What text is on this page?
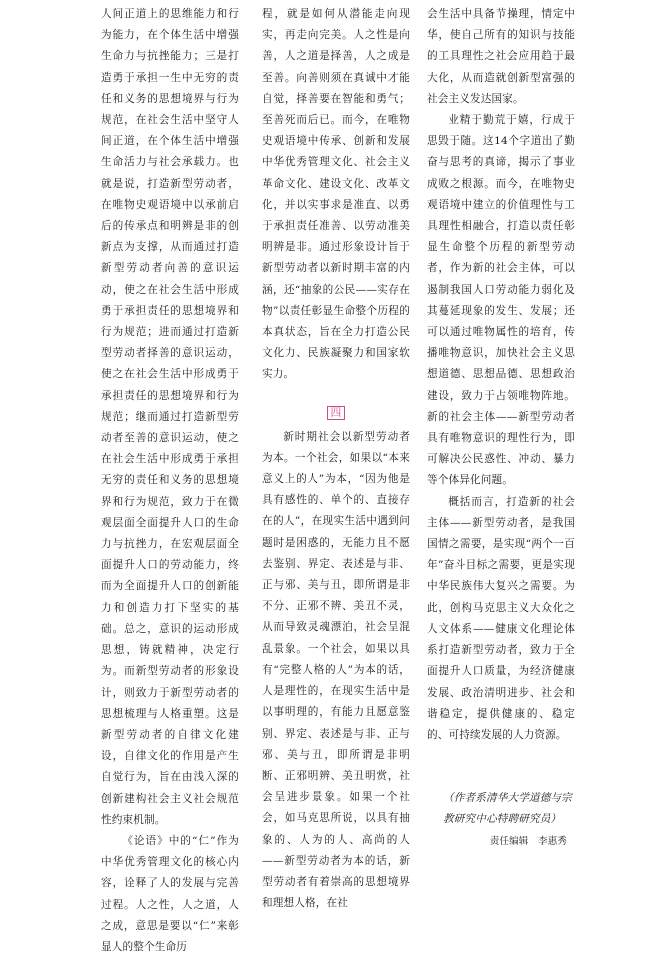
人间正道上的思维能力和行为能力，在个体生活中增强生命力与抗挫能力；三是打造勇于承担一生中无穷的责任和义务的思想境界与行为规范，在社会生活中坚守人间正道，在个体生活中增强生命活力与社会承载力。也就是说，打造新型劳动者，在唯物史观语境中以承前启后的传承点和明辨是非的创新点为支撑，从而通过打造新型劳动者向善的意识运动，使之在社会生活中形成勇于承担责任的思想境界和行为规范；进而通过打造新型劳动者择善的意识运动，使之在社会生活中形成勇于承担责任的思想境界和行为规范；继而通过打造新型劳动者至善的意识运动，使之在社会生活中形成勇于承担无穷的责任和义务的思想境界和行为规范，致力于在微观层面全面提升人口的生命力与抗挫力，在宏观层面全面提升人口的劳动能力，终而为全面提升人口的创新能力和创造力打下坚实的基础。总之，意识的运动形成思想，铸就精神，决定行为。而新型劳动者的形象设计，则致力于新型劳动者的思想梳理与人格重塑。这是新型劳动者的自律文化建设，自律文化的作用是产生自觉行为，旨在由浅入深的创新建构社会主义社会规范性约束机制。

《论语》中的“仁”作为中华优秀管理文化的核心内容，诠释了人的发展与完善过程。人之性，人之道，人之成，意思是要以“仁”来彰显人的整个生命历

程，就是如何从潜能走向现实，再走向完美。人之性是向善，人之道是择善，人之成是至善。向善则须在真诚中才能自觉，择善要在智能和勇气；至善死而后已。而今，在唯物史观语境中传承、创新和发展中华优秀管理文化、社会主义革命文化、建设文化、改革文化，并以实事求是准直、以勇于承担责任准善、以劳动准美明辨是非。通过形象设计旨于新型劳动者以新时期丰富的内涵，还“抽象的公民——实存在物”以责任彰显生命整个历程的本真状态，旨在全力打造公民文化力、民族凝聚力和国家软实力。

四

新时期社会以新型劳动者为本。一个社会，如果以“本来意义上的人”为本，“因为他是具有感性的、单个的、直接存在的人”，在现实生活中遇到问题时是困惑的，无能力且不愿去鉴别、界定、表述是与非、正与邪、美与丑，即所谓是非不分、正邪不辨、美丑不灵，从而导致灵魂漂泊，社会呈混乱景象。一个社会，如果以具有“完整人格的人”为本的话，人是理性的，在现实生活中是以事明理的，有能力且愿意鉴别、界定、表述是与非、正与邪、美与丑，即所谓是非明断、正邪明辨、美丑明赏，社会呈进步景象。如果一个社会，如马克思所说，以具有抽象的、人为的人、高尚的人——新型劳动者为本的话，新型劳动者有着崇高的思想境界和理想人格，在社

会生活中具备节操理，情定中华，使自己所有的知识与技能的工具理性之社会应用趋于最大化，从而造就创新型富强的社会主义发达国家。

业精于勤荒于嬉，行成于思毁于随。这14个字道出了勤奋与思考的真谛，揭示了事业成败之根源。而今，在唯物史观语境中建立的价值理性与工具理性相融合，打造以责任彰显生命整个历程的新型劳动者，作为新的社会主体，可以遏制我国人口劳动能力弱化及其蔓延现象的发生、发展；还可以通过唯物属性的培育，传播唯物意识，加快社会主义思想道德、思想品德、思想政治建设，致力于占领唯物阵地。新的社会主体——新型劳动者具有唯物意识的理性行为，即可解决公民惑性、冲动、暴力等个体异化问题。

概括而言，打造新的社会主体——新型劳动者，是我国国情之需要，是实现“两个一百年”奋斗目标之需要，更是实现中华民族伟大复兴之需要。为此，创构马克思主义大众化之人文体系——健康文化理论体系打造新型劳动者，致力于全面提升人口质量，为经济健康发展、政治清明进步、社会和谐稳定，提供健康的、稳定的、可持续发展的人力资源。

（作者系清华大学道德与宗教研究中心特聘研究员）

责任编辑　李惠秀
